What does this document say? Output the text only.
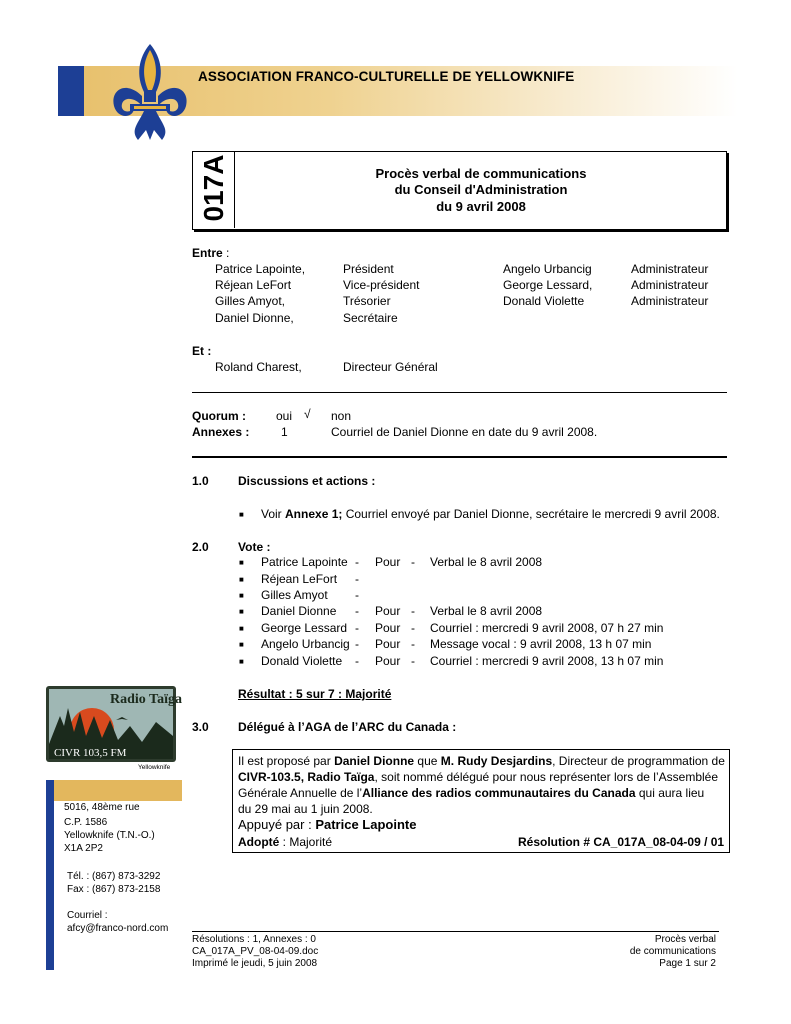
ASSOCIATION FRANCO-CULTURELLE DE YELLOWKNIFE
017A	Procès verbal de communications
du Conseil d'Administration
du 9 avril 2008
Entre :
Patrice Lapointe,	Président	Angelo Urbancig	Administrateur
Réjean LeFort	Vice-président	George Lessard,	Administrateur
Gilles Amyot,	Trésorier	Donald Violette	Administrateur
Daniel Dionne,	Secrétaire
Et :
Roland Charest,	Directeur Général
Quorum :	oui √ non
Annexes :	1	Courriel de Daniel Dionne en date du 9 avril 2008.
1.0 Discussions et actions :
■ Voir Annexe 1; Courriel envoyé par Daniel Dionne, secrétaire le mercredi 9 avril 2008.
2.0 Vote :
■ Patrice Lapointe - Pour - Verbal le 8 avril 2008
■ Réjean LeFort -
■ Gilles Amyot -
■ Daniel Dionne - Pour - Verbal le 8 avril 2008
■ George Lessard - Pour - Courriel : mercredi 9 avril 2008, 07 h 27 min
■ Angelo Urbancig - Pour - Message vocal : 9 avril 2008, 13 h 07 min
■ Donald Violette - Pour - Courriel : mercredi 9 avril 2008, 13 h 07 min
Résultat : 5 sur 7 : Majorité
3.0 Délégué à l’AGA de l’ARC du Canada :
Il est proposé par Daniel Dionne que M. Rudy Desjardins, Directeur de programmation de
CIVR-103.5, Radio Taïga, soit nommé délégué pour nous représenter lors de l’Assemblée
Générale Annuelle de l’Alliance des radios communautaires du Canada qui aura lieu
du 29 mai au 1 juin 2008.
Appuyé par : Patrice Lapointe
Adopté : Majorité	Résolution # CA_017A_08-04-09 / 01
Radio Taïga
CIVR 103,5 FM
Yellowknife
5016, 48ème rue
C.P. 1586
Yellowknife (T.N.-O.)
X1A 2P2
Tél. : (867) 873-3292
Fax : (867) 873-2158
Courriel :
afcy@franco-nord.com
Résolutions : 1, Annexes : 0
CA_017A_PV_08-04-09.doc
Imprimé le jeudi, 5 juin 2008
Procès verbal
de communications
Page 1 sur 2
